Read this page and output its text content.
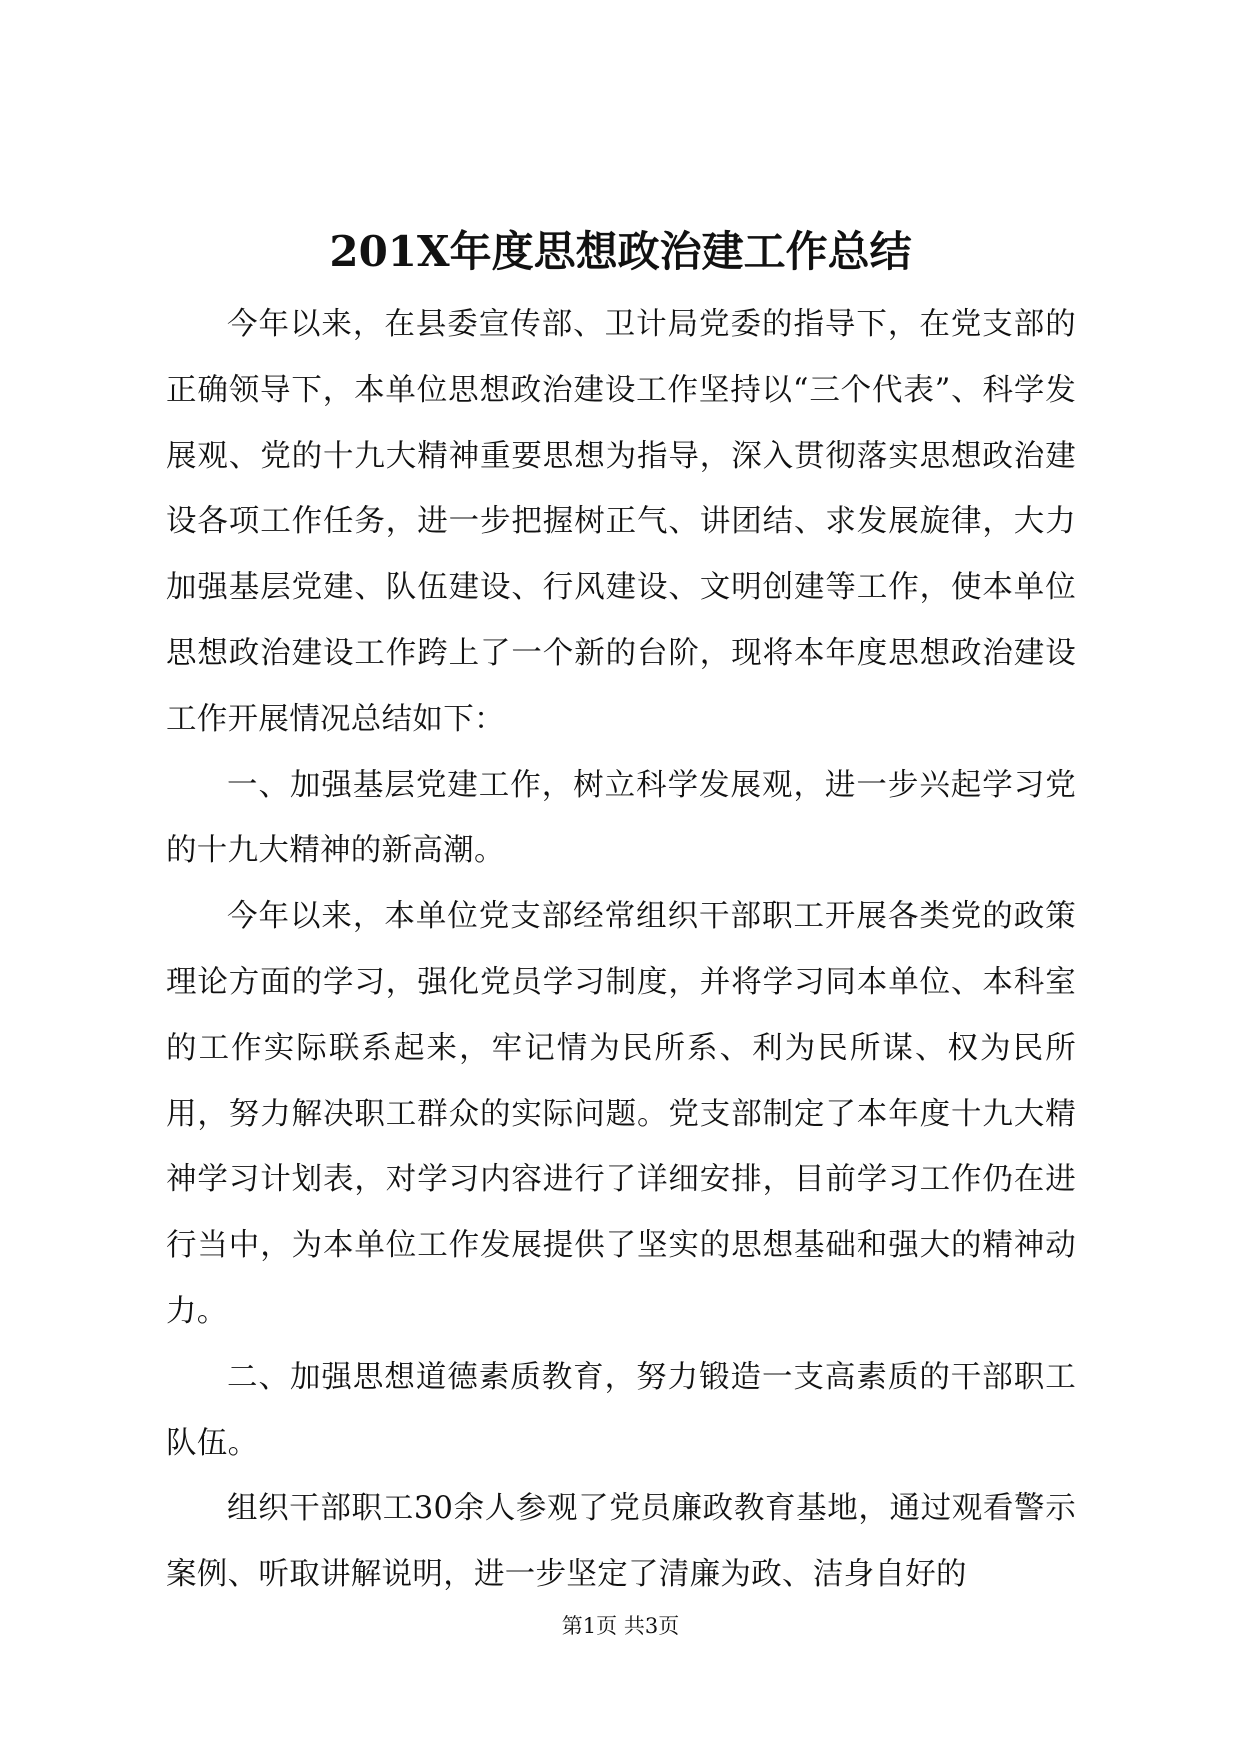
201X年度思想政治建工作总结

今年以来，在县委宣传部、卫计局党委的指导下，在党支部的正确领导下，本单位思想政治建设工作坚持以“三个代表”、科学发展观、党的十九大精神重要思想为指导，深入贯彻落实思想政治建设各项工作任务，进一步把握树正气、讲团结、求发展旋律，大力加强基层党建、队伍建设、行风建设、文明创建等工作，使本单位思想政治建设工作跨上了一个新的台阶，现将本年度思想政治建设工作开展情况总结如下：

一、加强基层党建工作，树立科学发展观，进一步兴起学习党的十九大精神的新高潮。

今年以来，本单位党支部经常组织干部职工开展各类党的政策理论方面的学习，强化党员学习制度，并将学习同本单位、本科室的工作实际联系起来，牢记情为民所系、利为民所谋、权为民所用，努力解决职工群众的实际问题。党支部制定了本年度十九大精神学习计划表，对学习内容进行了详细安排，目前学习工作仍在进行当中，为本单位工作发展提供了坚实的思想基础和强大的精神动力。

二、加强思想道德素质教育，努力锻造一支高素质的干部职工队伍。

组织干部职工30余人参观了党员廉政教育基地，通过观看警示案例、听取讲解说明，进一步坚定了清廉为政、洁身自好的

第1页 共3页
